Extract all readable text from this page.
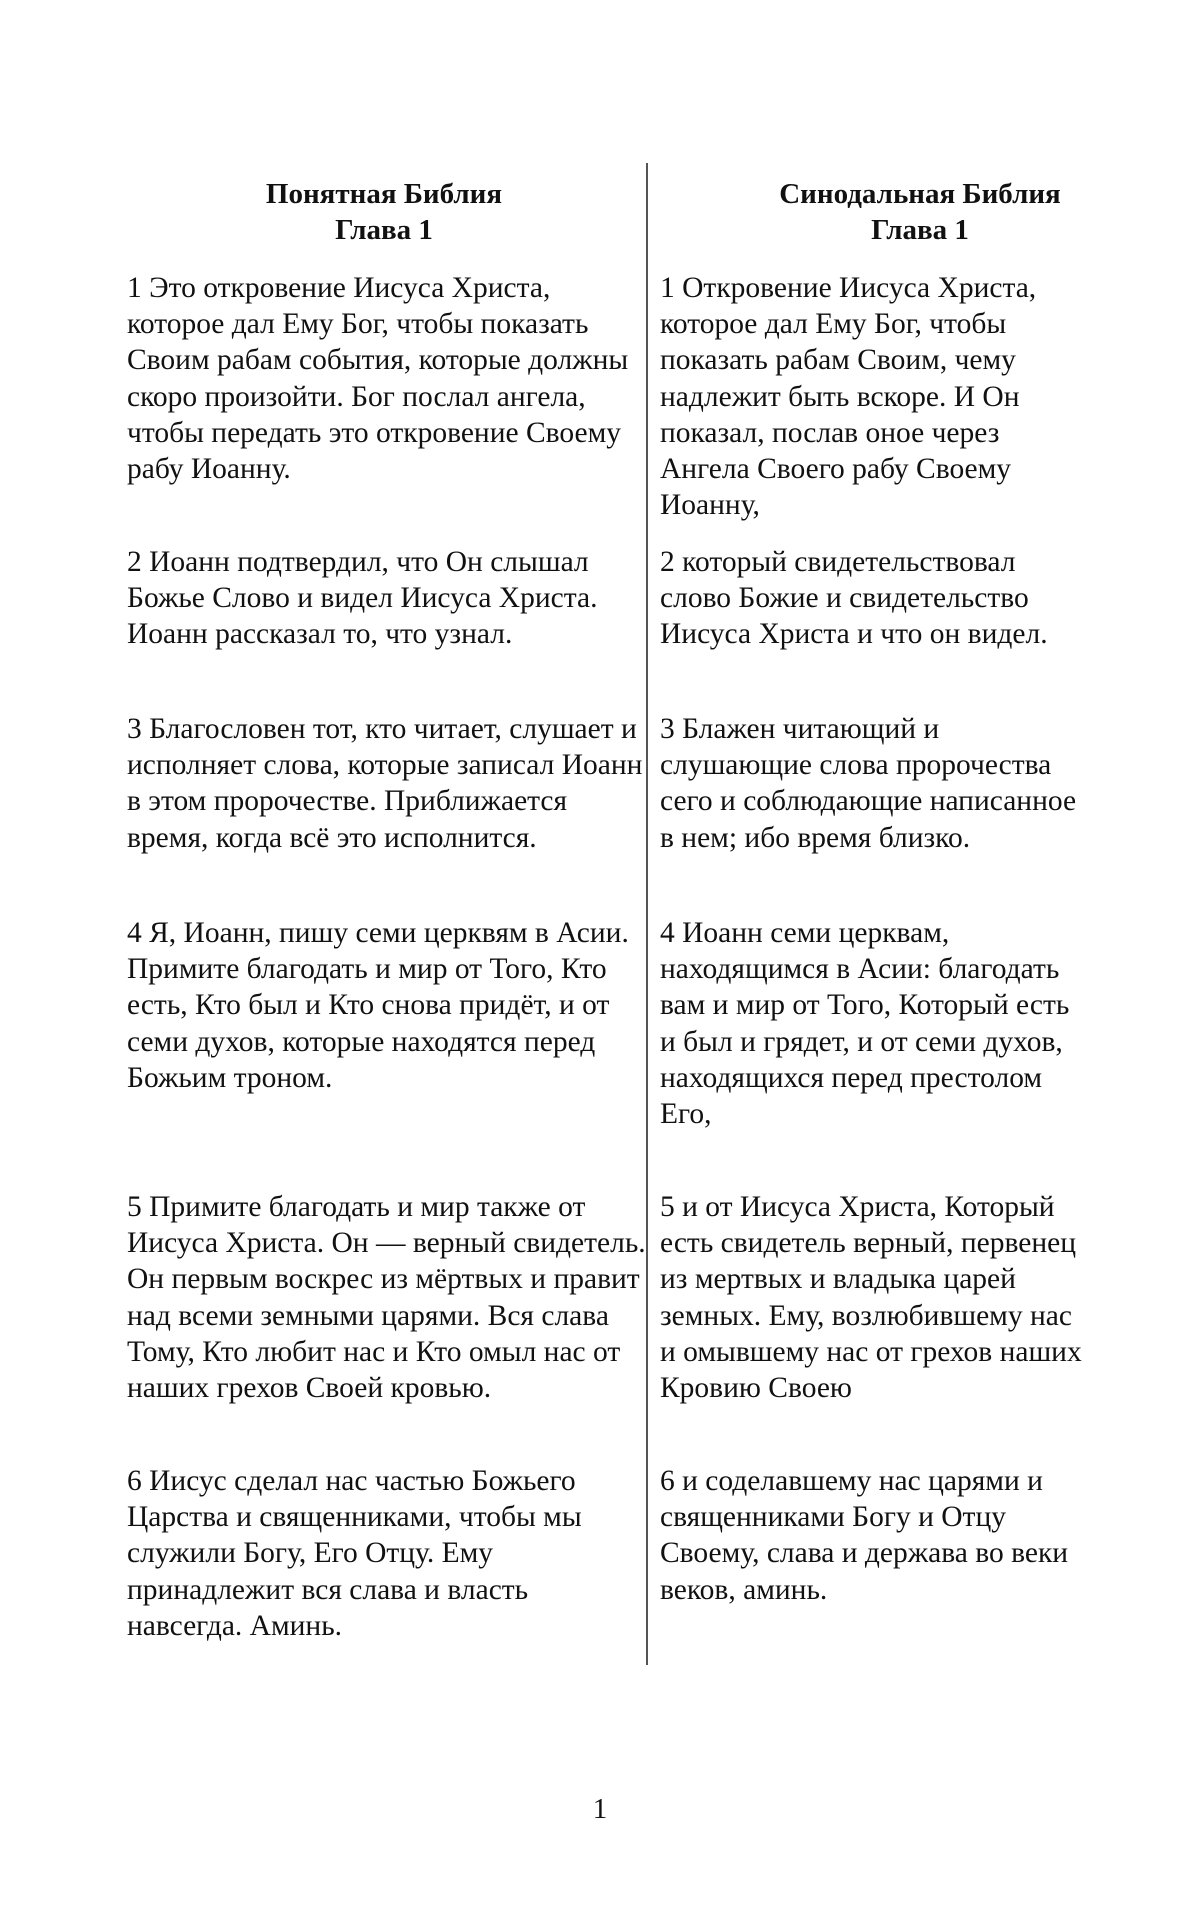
Понятная Библия
Глава 1
Синодальная Библия
Глава 1

1 Это откровение Иисуса Христа, которое дал Ему Бог, чтобы показать Своим рабам события, которые должны скоро произойти. Бог послал ангела, чтобы передать это откровение Своему рабу Иоанну.

2 Иоанн подтвердил, что Он слышал Божье Слово и видел Иисуса Христа. Иоанн рассказал то, что узнал.

3 Благословен тот, кто читает, слушает и исполняет слова, которые записал Иоанн в этом пророчестве. Приближается время, когда всё это исполнится.

4 Я, Иоанн, пишу семи церквям в Асии. Примите благодать и мир от Того, Кто есть, Кто был и Кто снова придёт, и от семи духов, которые находятся перед Божьим троном.

5 Примите благодать и мир также от Иисуса Христа. Он — верный свидетель. Он первым воскрес из мёртвых и правит над всеми земными царями. Вся слава Тому, Кто любит нас и Кто омыл нас от наших грехов Своей кровью.

6 Иисус сделал нас частью Божьего Царства и священниками, чтобы мы служили Богу, Его Отцу. Ему принадлежит вся слава и власть навсегда. Аминь.

1 Откровение Иисуса Христа, которое дал Ему Бог, чтобы показать рабам Своим, чему надлежит быть вскоре. И Он показал, послав оное через Ангела Своего рабу Своему Иоанну,

2 который свидетельствовал слово Божие и свидетельство Иисуса Христа и что он видел.

3 Блажен читающий и слушающие слова пророчества сего и соблюдающие написанное в нем; ибо время близко.

4 Иоанн семи церквам, находящимся в Асии: благодать вам и мир от Того, Который есть и был и грядет, и от семи духов, находящихся перед престолом Его,

5 и от Иисуса Христа, Который есть свидетель верный, первенец из мертвых и владыка царей земных. Ему, возлюбившему нас и омывшему нас от грехов наших Кровию Своею

6 и соделавшему нас царями и священниками Богу и Отцу Своему, слава и держава во веки веков, аминь.

1
